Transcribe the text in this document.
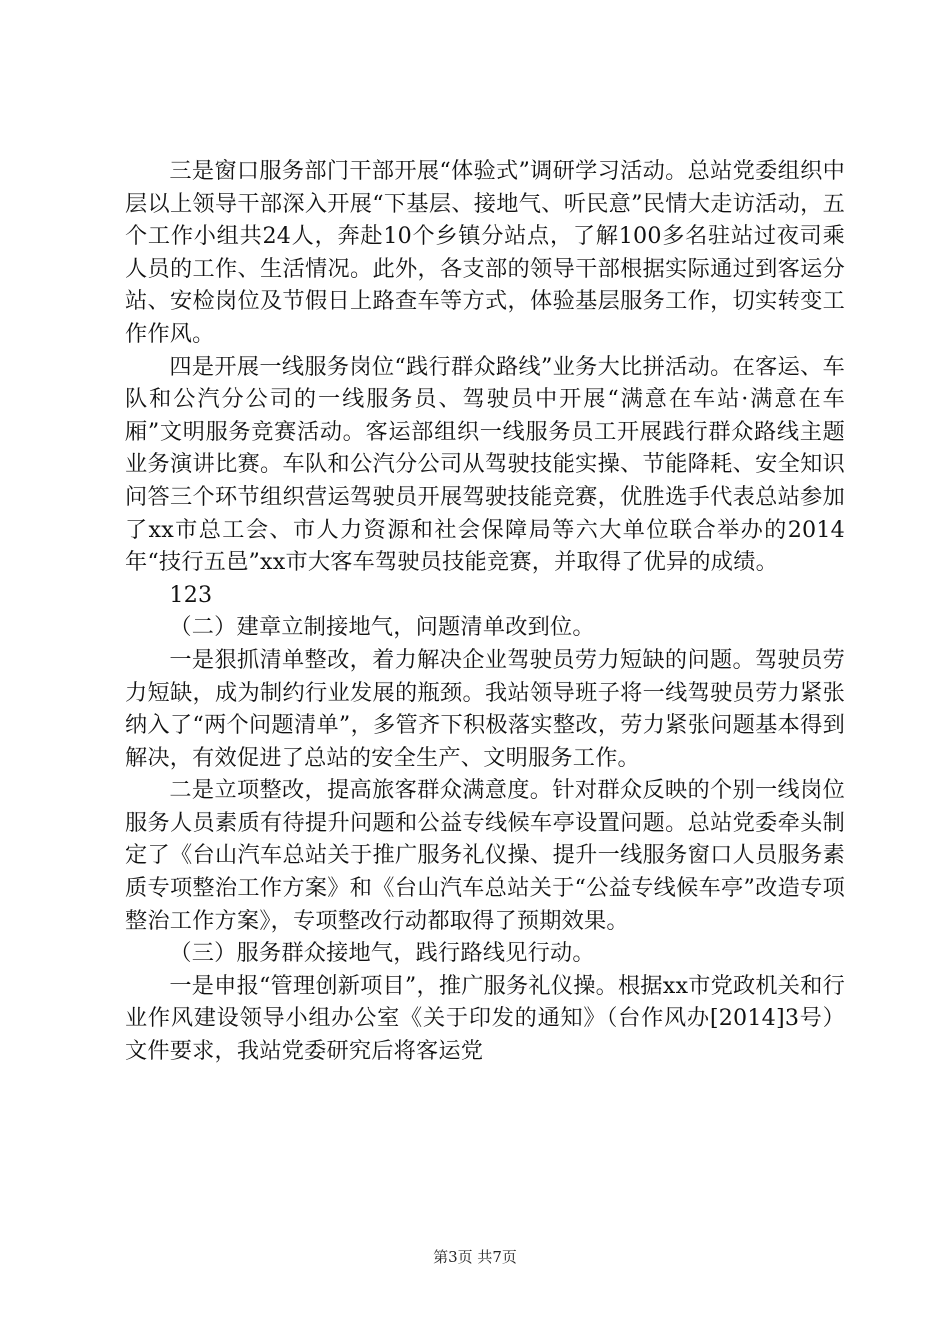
三是窗口服务部门干部开展“体验式”调研学习活动。总站党委组织中层以上领导干部深入开展“下基层、接地气、听民意”民情大走访活动，五个工作小组共24人，奔赴10个乡镇分站点，了解100多名驻站过夜司乘人员的工作、生活情况。此外，各支部的领导干部根据实际通过到客运分站、安检岗位及节假日上路查车等方式，体验基层服务工作，切实转变工作作风。

四是开展一线服务岗位“践行群众路线”业务大比拼活动。在客运、车队和公汽分公司的一线服务员、驾驶员中开展“满意在车站·满意在车厢”文明服务竞赛活动。客运部组织一线服务员工开展践行群众路线主题业务演讲比赛。车队和公汽分公司从驾驶技能实操、节能降耗、安全知识问答三个环节组织营运驾驶员开展驾驶技能竞赛，优胜选手代表总站参加了xx市总工会、市人力资源和社会保障局等六大单位联合举办的2014年“技行五邑”xx市大客车驾驶员技能竞赛，并取得了优异的成绩。

123

（二）建章立制接地气，问题清单改到位。

一是狠抓清单整改，着力解决企业驾驶员劳力短缺的问题。驾驶员劳力短缺，成为制约行业发展的瓶颈。我站领导班子将一线驾驶员劳力紧张纳入了“两个问题清单”，多管齐下积极落实整改，劳力紧张问题基本得到解决，有效促进了总站的安全生产、文明服务工作。

二是立项整改，提高旅客群众满意度。针对群众反映的个别一线岗位服务人员素质有待提升问题和公益专线候车亭设置问题。总站党委牵头制定了《台山汽车总站关于推广服务礼仪操、提升一线服务窗口人员服务素质专项整治工作方案》和《台山汽车总站关于“公益专线候车亭”改造专项整治工作方案》，专项整改行动都取得了预期效果。

（三）服务群众接地气，践行路线见行动。

一是申报“管理创新项目”，推广服务礼仪操。根据xx市党政机关和行业作风建设领导小组办公室《关于印发的通知》（台作风办[2014]3号）文件要求，我站党委研究后将客运党

第3页 共7页
